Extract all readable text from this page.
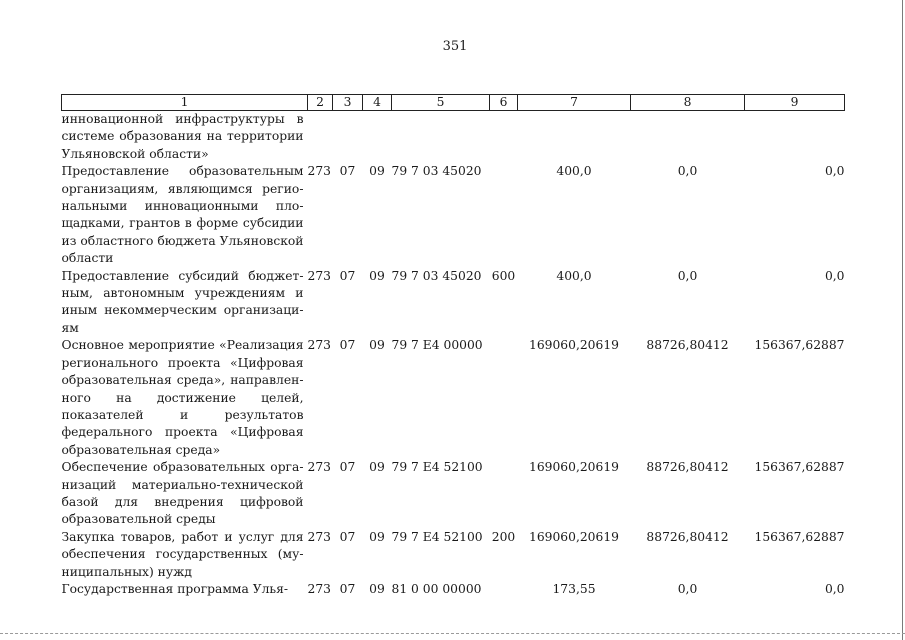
351
1	2	3	4	5	6	7	8	9
инновационной инфраструктуры в системе образования на территории Ульяновской области»								
Предоставление образовательным организациям, являющимся региональными инновационными площадками, грантов в форме субсидии из областного бюджета Ульяновской области	273	07	09	79 7 03 45020		400,0	0,0	0,0
Предоставление субсидий бюджетным, автономным учреждениям и иным некоммерческим организациям	273	07	09	79 7 03 45020	600	400,0	0,0	0,0
Основное мероприятие «Реализация регионального проекта «Цифровая образовательная среда», направленного на достижение целей, показателей и результатов федерального проекта «Цифровая образовательная среда»	273	07	09	79 7 E4 00000		169060,20619	88726,80412	156367,62887
Обеспечение образовательных организаций материально-технической базой для внедрения цифровой образовательной среды	273	07	09	79 7 E4 52100		169060,20619	88726,80412	156367,62887
Закупка товаров, работ и услуг для обеспечения государственных (муниципальных) нужд	273	07	09	79 7 E4 52100	200	169060,20619	88726,80412	156367,62887
Государственная программа Улья-	273	07	09	81 0 00 00000		173,55	0,0	0,0
